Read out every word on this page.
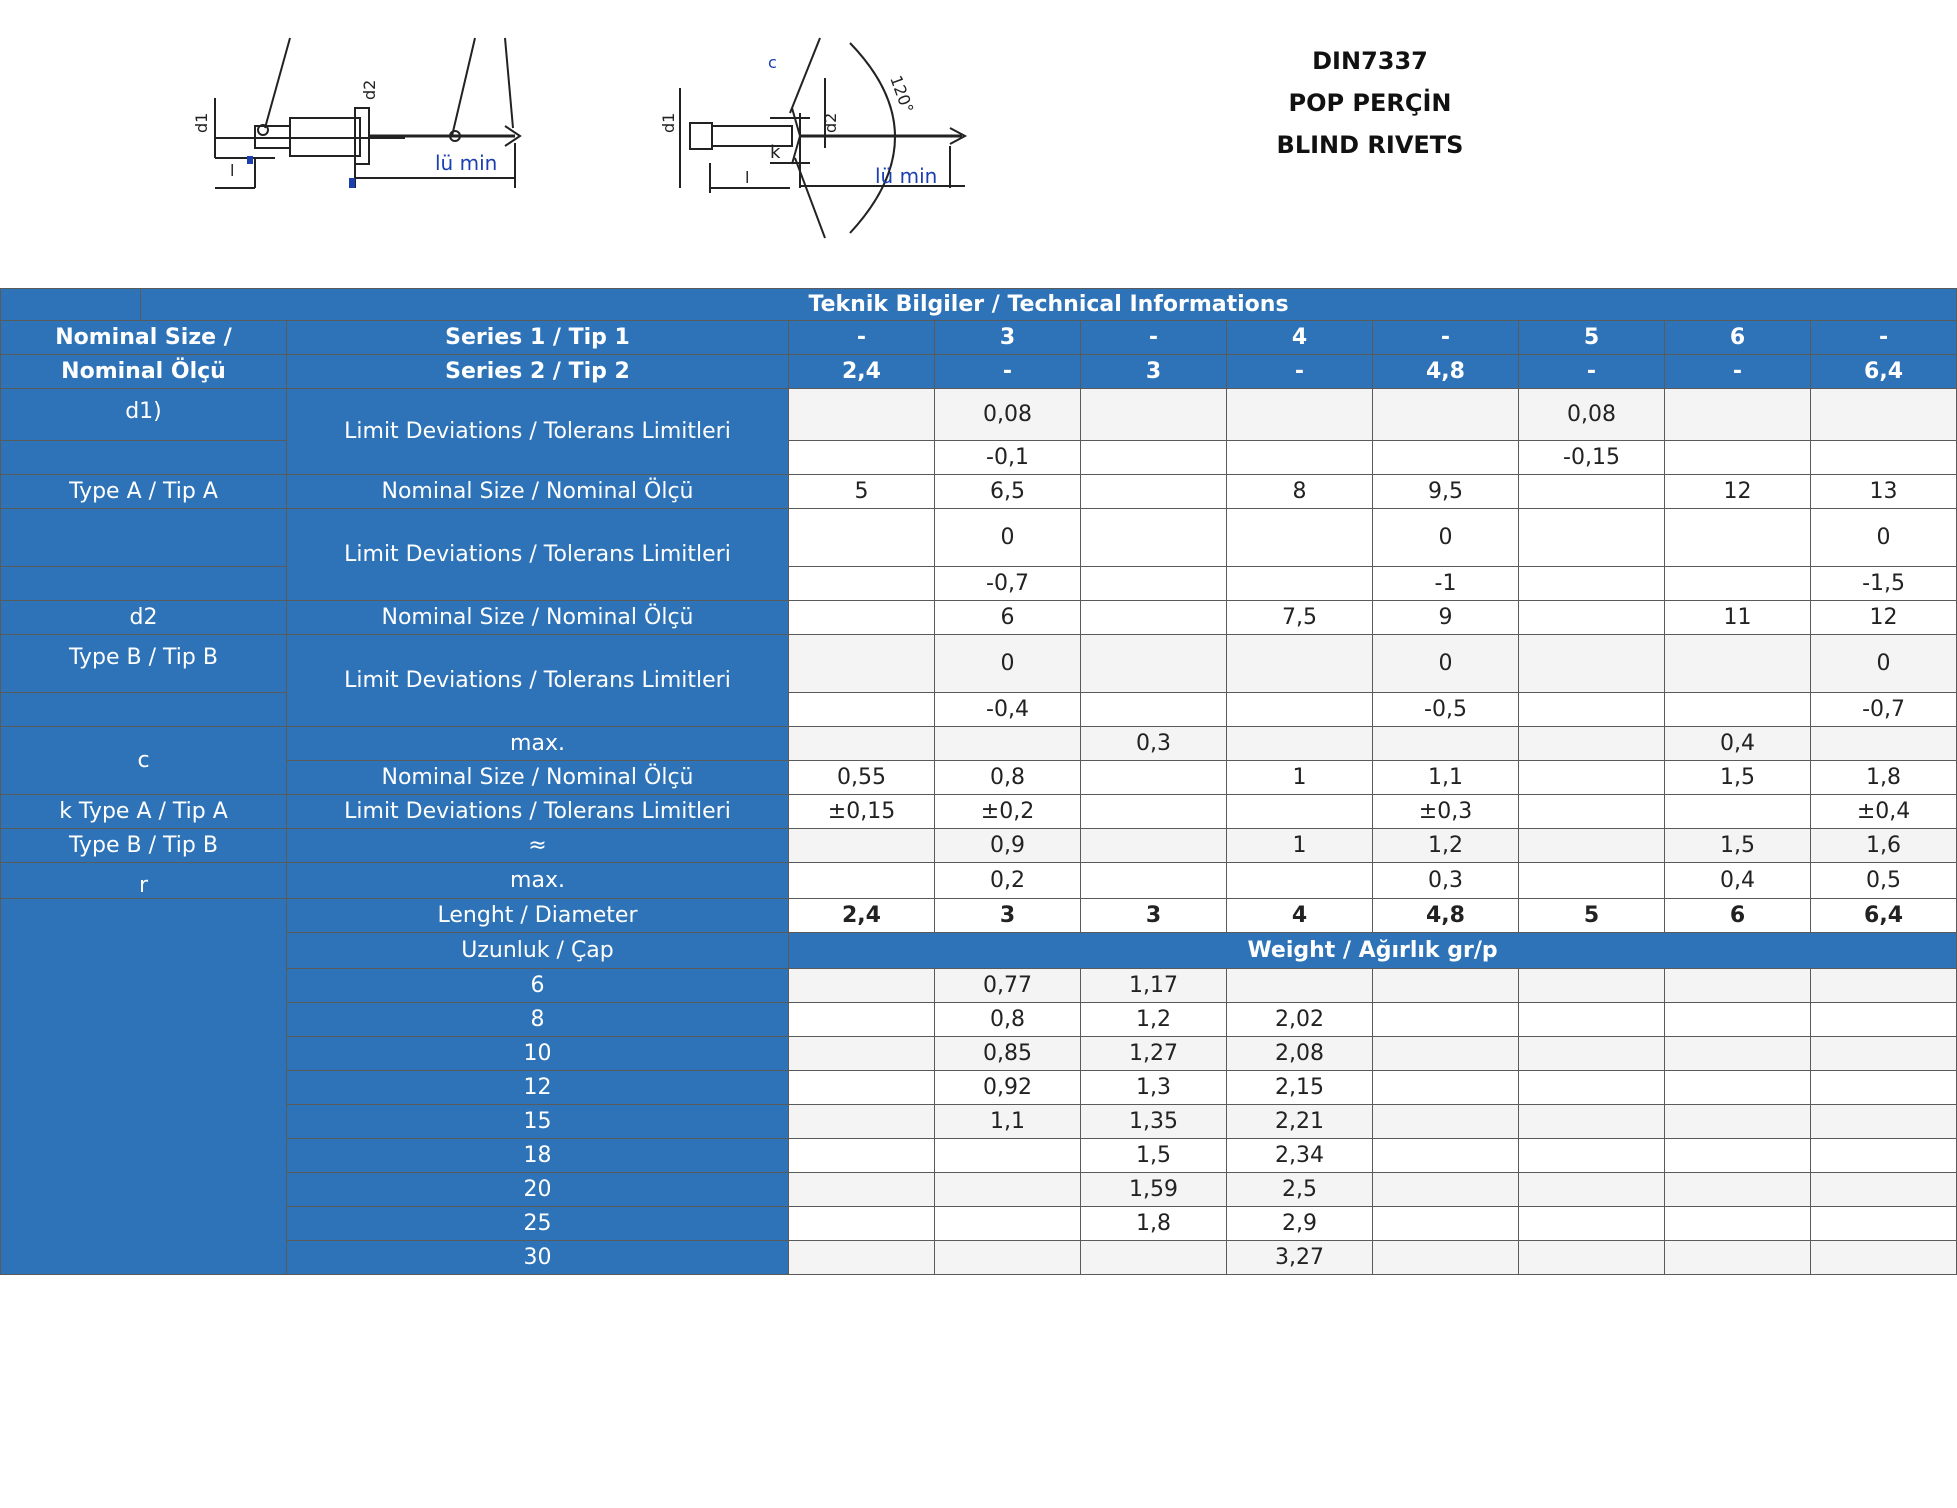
d1
d2
l	lü min
d1	d2
k
c
120°
l	lü min
DIN7337
POP PERÇİN
BLIND RIVETS
	Teknik Bilgiler / Technical Informations									
Nominal Size /		Series 1 / Tip 1	-	3	-	4	-	5	6	-
Nominal Ölçü		Series 2 / Tip 2	2,4	-	3	-	4,8	-	-	6,4
d1)		Limit Deviations / Tolerans Limitleri		0,08				0,08		
				-0,1				-0,15		
Type A / Tip A		Nominal Size / Nominal Ölçü	5	6,5		8	9,5		12	13
		Limit Deviations / Tolerans Limitleri		0			0			0
				-0,7			-1			-1,5
d2		Nominal Size / Nominal Ölçü		6		7,5	9		11	12
Type B / Tip B		Limit Deviations / Tolerans Limitleri		0			0			0
				-0,4			-0,5			-0,7
c		max.			0,3				0,4	
		Nominal Size / Nominal Ölçü	0,55	0,8		1	1,1		1,5	1,8
k Type A / Tip A		Limit Deviations / Tolerans Limitleri	±0,15	±0,2			±0,3			±0,4
Type B / Tip B		≈		0,9		1	1,2		1,5	1,6
r		max.		0,2			0,3		0,4	0,5
		Lenght / Diameter	2,4	3	3	4	4,8	5	6	6,4
		Uzunluk / Çap	Weight / Ağırlık gr/p							
		6		0,77	1,17					
		8		0,8	1,2	2,02				
		10		0,85	1,27	2,08				
		12		0,92	1,3	2,15				
		15		1,1	1,35	2,21				
		18			1,5	2,34				
		20			1,59	2,5				
		25			1,8	2,9				
		30				3,27				
